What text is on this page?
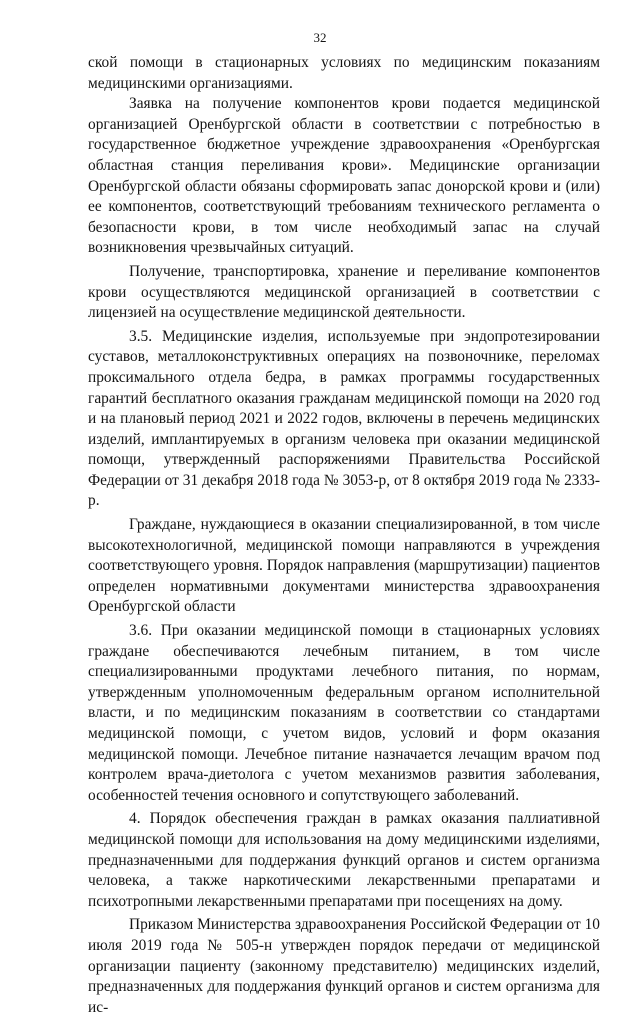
32

ской помощи в стационарных условиях по медицинским показаниям медицинскими организациями.

Заявка на получение компонентов крови подается медицинской организацией Оренбургской области в соответствии с потребностью в государственное бюджетное учреждение здравоохранения «Оренбургская областная станция переливания крови». Медицинские организации Оренбургской области обязаны сформировать запас донорской крови и (или) ее компонентов, соответствующий требованиям технического регламента о безопасности крови, в том числе необходимый запас на случай возникновения чрезвычайных ситуаций.

Получение, транспортировка, хранение и переливание компонентов крови осуществляются медицинской организацией в соответствии с лицензией на осуществление медицинской деятельности.

3.5. Медицинские изделия, используемые при эндопротезировании суставов, металлоконструктивных операциях на позвоночнике, переломах проксимального отдела бедра, в рамках программы государственных гарантий бесплатного оказания гражданам медицинской помощи на 2020 год и на плановый период 2021 и 2022 годов, включены в перечень медицинских изделий, имплантируемых в организм человека при оказании медицинской помощи, утвержденный распоряжениями Правительства Российской Федерации от 31 декабря 2018 года № 3053-р, от 8 октября 2019 года № 2333-р.

Граждане, нуждающиеся в оказании специализированной, в том числе высокотехнологичной, медицинской помощи направляются в учреждения соответствующего уровня. Порядок направления (маршрутизации) пациентов определен нормативными документами министерства здравоохранения Оренбургской области

3.6. При оказании медицинской помощи в стационарных условиях граждане обеспечиваются лечебным питанием, в том числе специализированными продуктами лечебного питания, по нормам, утвержденным уполномоченным федеральным органом исполнительной власти, и по медицинским показаниям в соответствии со стандартами медицинской помощи, с учетом видов, условий и форм оказания медицинской помощи. Лечебное питание назначается лечащим врачом под контролем врача-диетолога с учетом механизмов развития заболевания, особенностей течения основного и сопутствующего заболеваний.

4. Порядок обеспечения граждан в рамках оказания паллиативной медицинской помощи для использования на дому медицинскими изделиями, предназначенными для поддержания функций органов и систем организма человека, а также наркотическими лекарственными препаратами и психотропными лекарственными препаратами при посещениях на дому.

Приказом Министерства здравоохранения Российской Федерации от 10 июля 2019 года № 505-н утвержден порядок передачи от медицинской организации пациенту (законному представителю) медицинских изделий, предназначенных для поддержания функций органов и систем организма для ис-
